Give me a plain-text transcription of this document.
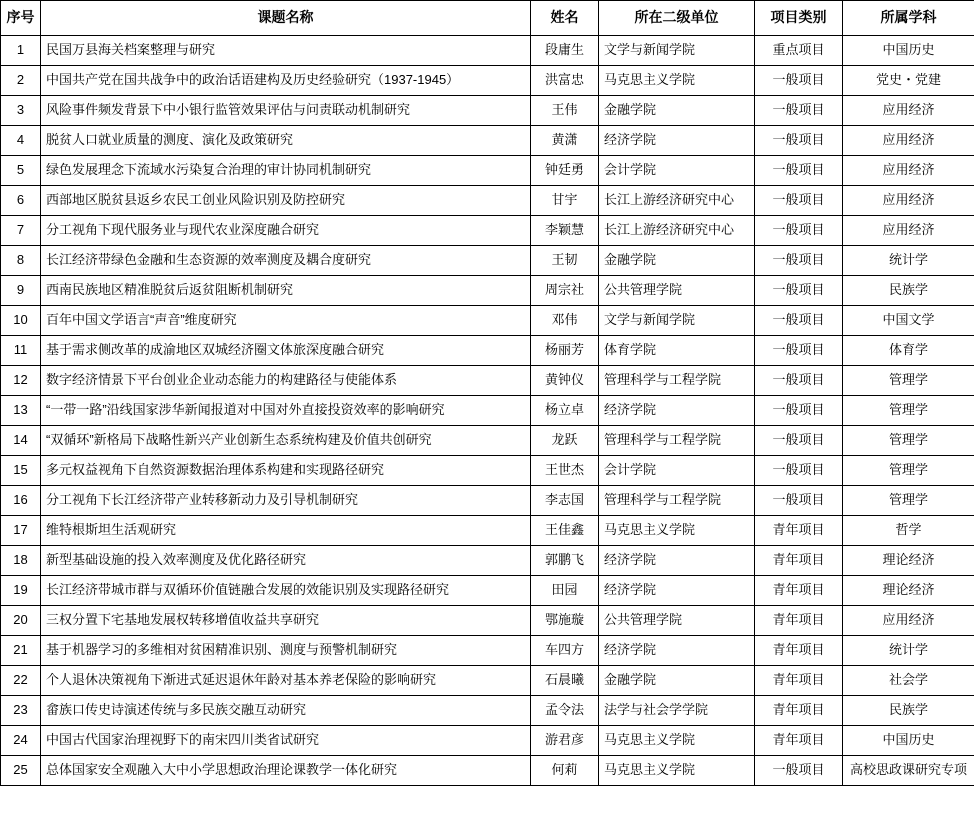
序号	课题名称	姓名	所在二级单位	项目类别	所属学科
1	民国万县海关档案整理与研究	段庸生	文学与新闻学院	重点项目	中国历史
2	中国共产党在国共战争中的政治话语建构及历史经验研究（1937-1945）	洪富忠	马克思主义学院	一般项目	党史・党建
3	风险事件频发背景下中小银行监管效果评估与问责联动机制研究	王伟	金融学院	一般项目	应用经济
4	脱贫人口就业质量的测度、演化及政策研究	黄潇	经济学院	一般项目	应用经济
5	绿色发展理念下流域水污染复合治理的审计协同机制研究	钟廷勇	会计学院	一般项目	应用经济
6	西部地区脱贫县返乡农民工创业风险识别及防控研究	甘宇	长江上游经济研究中心	一般项目	应用经济
7	分工视角下现代服务业与现代农业深度融合研究	李颖慧	长江上游经济研究中心	一般项目	应用经济
8	长江经济带绿色金融和生态资源的效率测度及耦合度研究	王韧	金融学院	一般项目	统计学
9	西南民族地区精准脱贫后返贫阻断机制研究	周宗社	公共管理学院	一般项目	民族学
10	百年中国文学语言“声音”维度研究	邓伟	文学与新闻学院	一般项目	中国文学
11	基于需求侧改革的成渝地区双城经济圈文体旅深度融合研究	杨丽芳	体育学院	一般项目	体育学
12	数字经济情景下平台创业企业动态能力的构建路径与使能体系	黄钟仪	管理科学与工程学院	一般项目	管理学
13	“一带一路”沿线国家涉华新闻报道对中国对外直接投资效率的影响研究	杨立卓	经济学院	一般项目	管理学
14	“双循环”新格局下战略性新兴产业创新生态系统构建及价值共创研究	龙跃	管理科学与工程学院	一般项目	管理学
15	多元权益视角下自然资源数据治理体系构建和实现路径研究	王世杰	会计学院	一般项目	管理学
16	分工视角下长江经济带产业转移新动力及引导机制研究	李志国	管理科学与工程学院	一般项目	管理学
17	维特根斯坦生活观研究	王佳鑫	马克思主义学院	青年项目	哲学
18	新型基础设施的投入效率测度及优化路径研究	郭鹏飞	经济学院	青年项目	理论经济
19	长江经济带城市群与双循环价值链融合发展的效能识别及实现路径研究	田园	经济学院	青年项目	理论经济
20	三权分置下宅基地发展权转移增值收益共享研究	鄂施璇	公共管理学院	青年项目	应用经济
21	基于机器学习的多维相对贫困精准识别、测度与预警机制研究	车四方	经济学院	青年项目	统计学
22	个人退休决策视角下渐进式延迟退休年龄对基本养老保险的影响研究	石晨曦	金融学院	青年项目	社会学
23	畲族口传史诗演述传统与多民族交融互动研究	孟令法	法学与社会学学院	青年项目	民族学
24	中国古代国家治理视野下的南宋四川类省试研究	游君彦	马克思主义学院	青年项目	中国历史
25	总体国家安全观融入大中小学思想政治理论课教学一体化研究	何莉	马克思主义学院	一般项目	高校思政课研究专项
